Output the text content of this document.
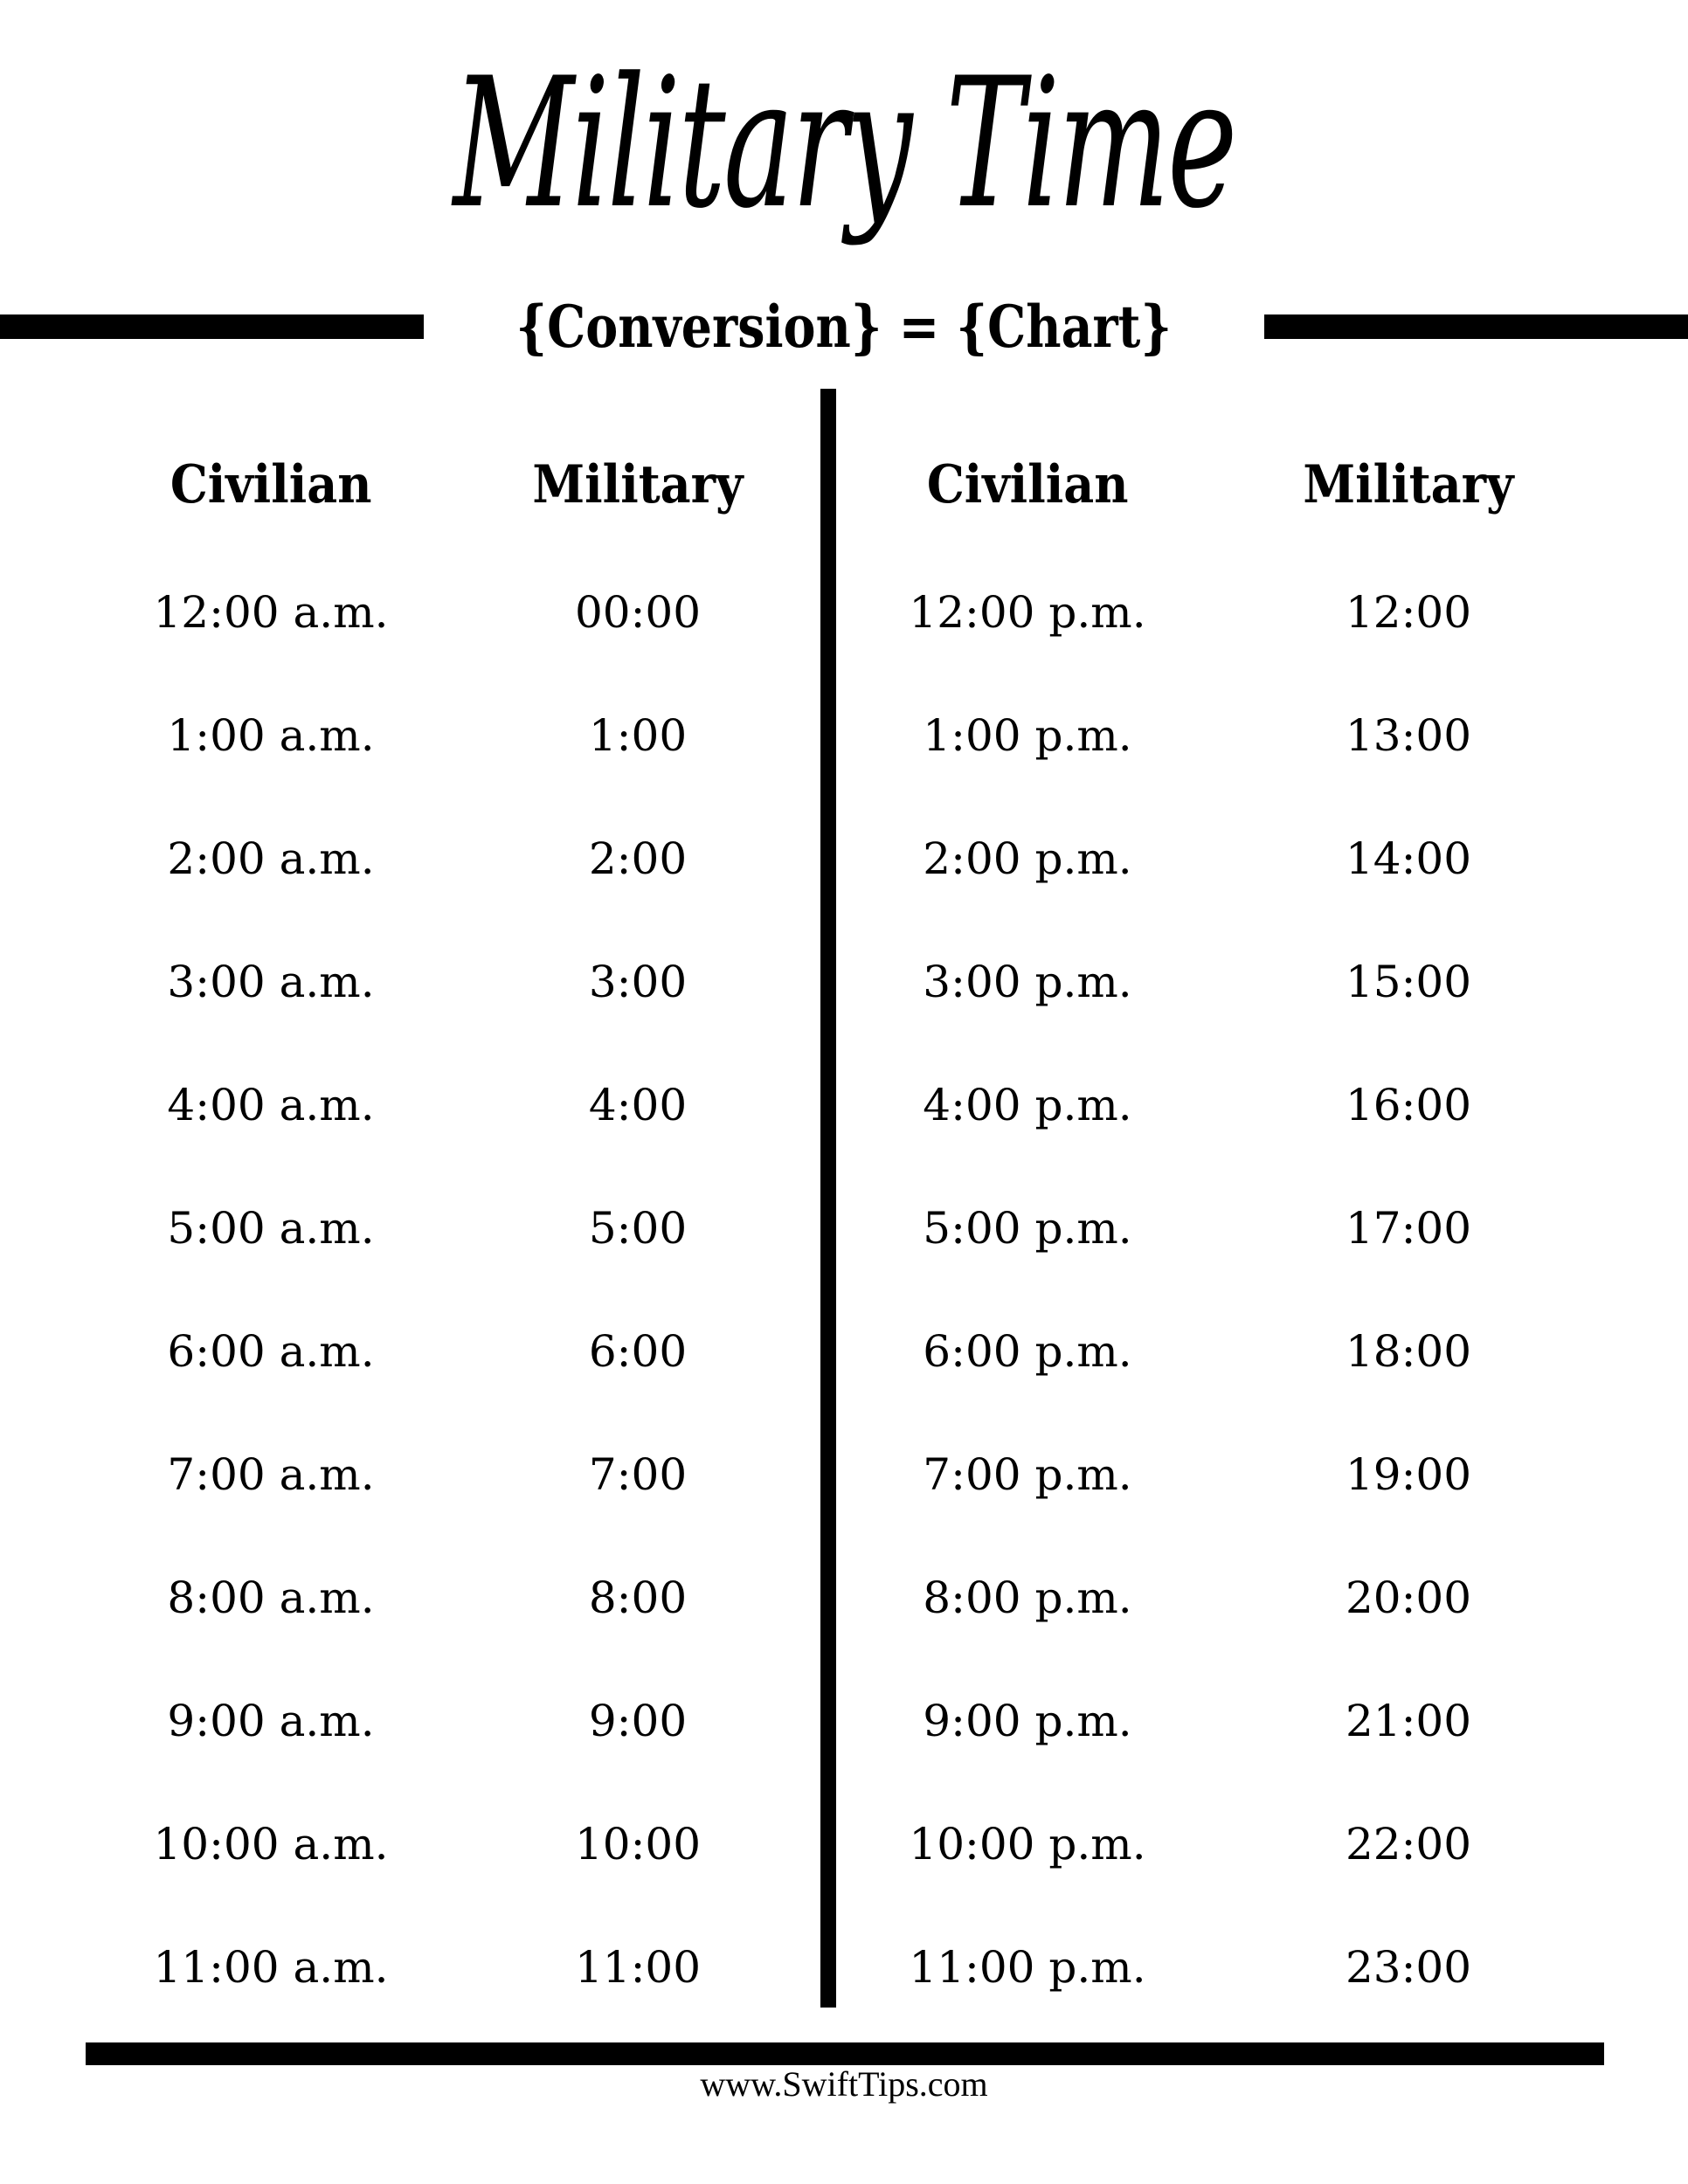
Military Time
{Conversion} = {Chart}
Civilian	Military
12:00 a.m.	00:00
1:00 a.m.	1:00
2:00 a.m.	2:00
3:00 a.m.	3:00
4:00 a.m.	4:00
5:00 a.m.	5:00
6:00 a.m.	6:00
7:00 a.m.	7:00
8:00 a.m.	8:00
9:00 a.m.	9:00
10:00 a.m.	10:00
11:00 a.m.	11:00
Civilian	Military
12:00 p.m.	12:00
1:00 p.m.	13:00
2:00 p.m.	14:00
3:00 p.m.	15:00
4:00 p.m.	16:00
5:00 p.m.	17:00
6:00 p.m.	18:00
7:00 p.m.	19:00
8:00 p.m.	20:00
9:00 p.m.	21:00
10:00 p.m.	22:00
11:00 p.m.	23:00
www.SwiftTips.com
